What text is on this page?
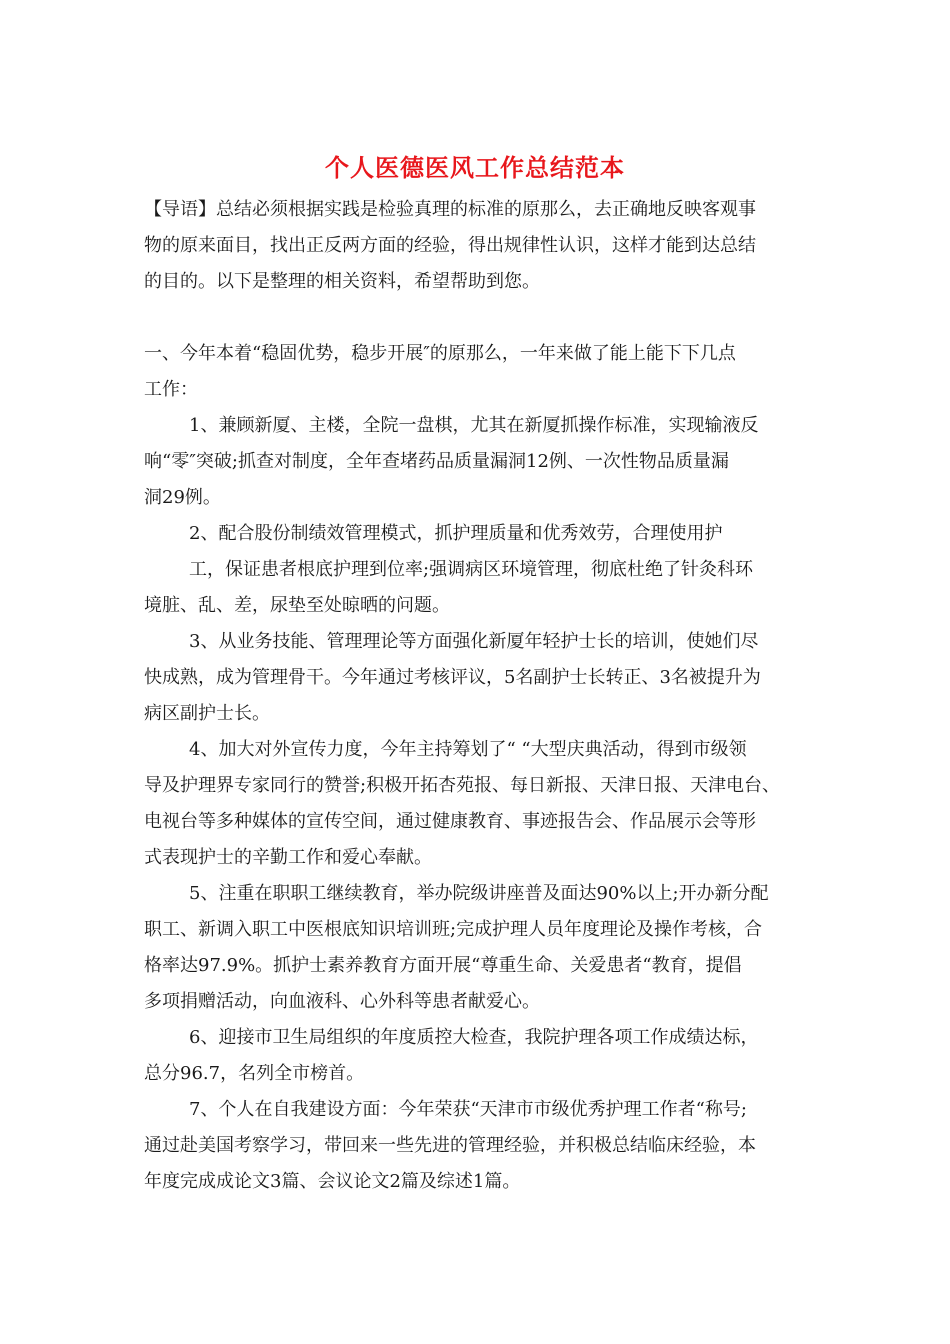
个人医德医风工作总结范本
【导语】总结必须根据实践是检验真理的标准的原那么，去正确地反映客观事
物的原来面目，找出正反两方面的经验，得出规律性认识，这样才能到达总结
的目的。以下是整理的相关资料，希望帮助到您。
一、今年本着“稳固优势，稳步开展″的原那么，一年来做了能上能下下几点
工作：
1、兼顾新厦、主楼，全院一盘棋，尤其在新厦抓操作标准，实现输液反
响“零″突破;抓查对制度，全年查堵药品质量漏洞12例、一次性物品质量漏
洞29例。
2、配合股份制绩效管理模式，抓护理质量和优秀效劳，合理使用护
工，保证患者根底护理到位率;强调病区环境管理，彻底杜绝了针灸科环
境脏、乱、差，尿垫至处晾晒的问题。
3、从业务技能、管理理论等方面强化新厦年轻护士长的培训，使她们尽
快成熟，成为管理骨干。今年通过考核评议，5名副护士长转正、3名被提升为
病区副护士长。
4、加大对外宣传力度，今年主持筹划了“ “大型庆典活动，得到市级领
导及护理界专家同行的赞誉;积极开拓杏苑报、每日新报、天津日报、天津电台、
电视台等多种媒体的宣传空间，通过健康教育、事迹报告会、作品展示会等形
式表现护士的辛勤工作和爱心奉献。
5、注重在职职工继续教育，举办院级讲座普及面达90%以上;开办新分配
职工、新调入职工中医根底知识培训班;完成护理人员年度理论及操作考核，合
格率达97.9%。抓护士素养教育方面开展“尊重生命、关爱患者“教育，提倡
多项捐赠活动，向血液科、心外科等患者献爱心。
6、迎接市卫生局组织的年度质控大检查，我院护理各项工作成绩达标，
总分96.7，名列全市榜首。
7、个人在自我建设方面：今年荣获“天津市市级优秀护理工作者“称号;
通过赴美国考察学习，带回来一些先进的管理经验，并积极总结临床经验，本
年度完成成论文3篇、会议论文2篇及综述1篇。
